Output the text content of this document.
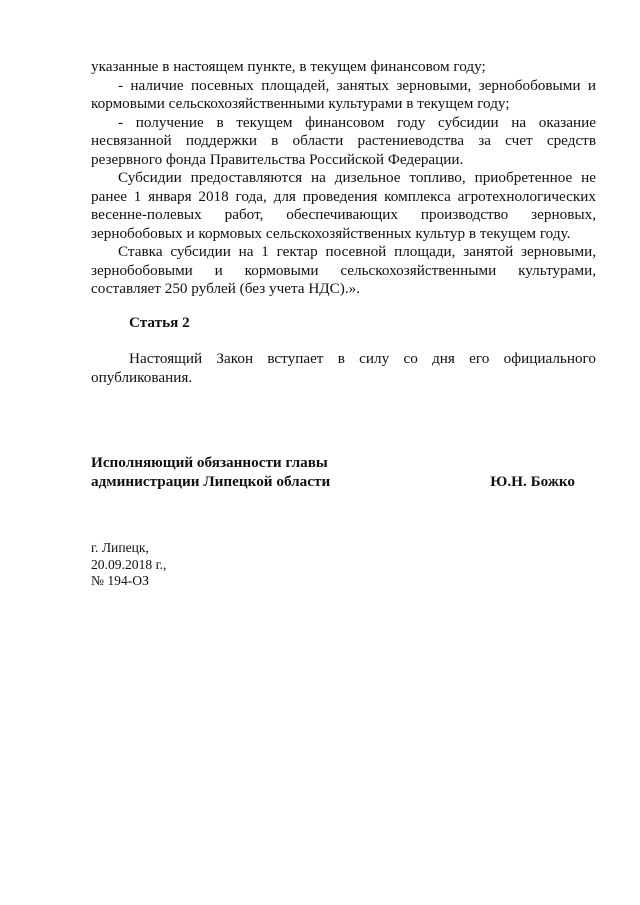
указанные в настоящем пункте, в текущем финансовом году;

- наличие посевных площадей, занятых зерновыми, зернобобовыми и кормовыми сельскохозяйственными культурами в текущем году;

- получение в текущем финансовом году субсидии на оказание несвязанной поддержки в области растениеводства за счет средств резервного фонда Правительства Российской Федерации.

Субсидии предоставляются на дизельное топливо, приобретенное не ранее 1 января 2018 года, для проведения комплекса агротехнологических весенне-полевых работ, обеспечивающих производство зерновых, зернобобовых и кормовых сельскохозяйственных культур в текущем году.

Ставка субсидии на 1 гектар посевной площади, занятой зерновыми, зернобобовыми и кормовыми сельскохозяйственными культурами, составляет 250 рублей (без учета НДС).».

Статья 2

Настоящий Закон вступает в силу со дня его официального опубликования.

Исполняющий обязанности главы
администрации Липецкой области	Ю.Н. Божко
г. Липецк,
20.09.2018 г.,
№ 194-ОЗ
